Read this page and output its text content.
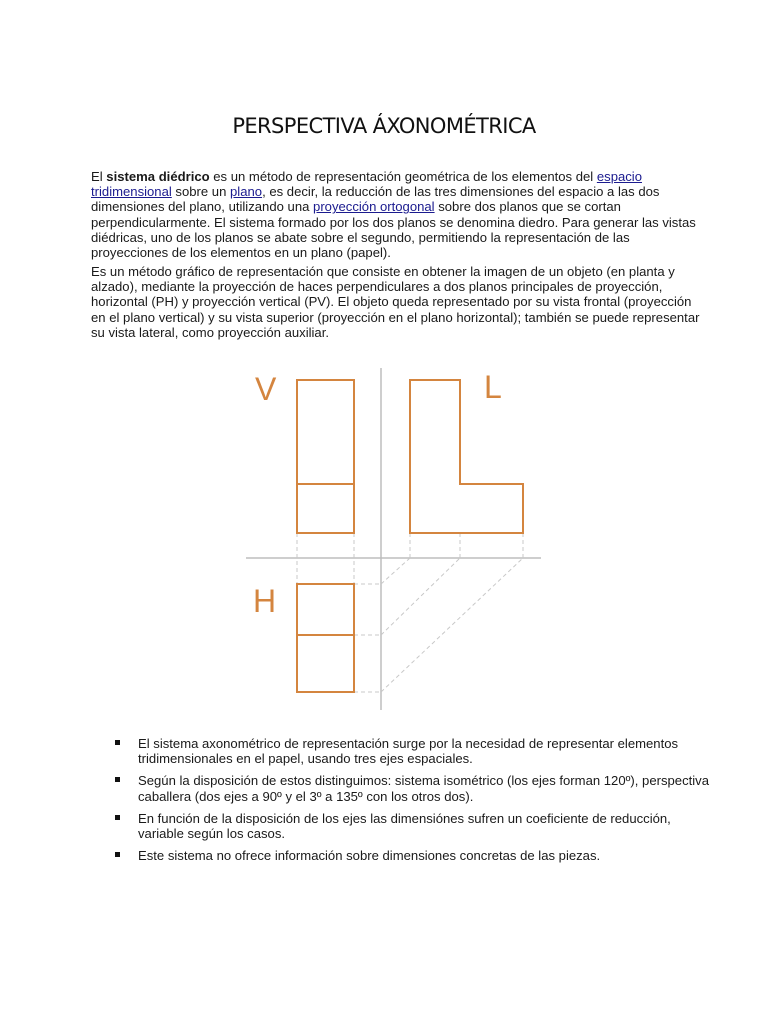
PERSPECTIVA ÁXONOMÉTRICA

El sistema diédrico es un método de representación geométrica de los elementos del espacio tridimensional sobre un plano, es decir, la reducción de las tres dimensiones del espacio a las dos dimensiones del plano, utilizando una proyección ortogonal sobre dos planos que se cortan perpendicularmente. El sistema formado por los dos planos se denomina diedro. Para generar las vistas diédricas, uno de los planos se abate sobre el segundo, permitiendo la representación de las proyecciones de los elementos en un plano (papel).

Es un método gráfico de representación que consiste en obtener la imagen de un objeto (en planta y alzado), mediante la proyección de haces perpendiculares a dos planos principales de proyección, horizontal (PH) y proyección vertical (PV). El objeto queda representado por su vista frontal (proyección en el plano vertical) y su vista superior (proyección en el plano horizontal); también se puede representar su vista lateral, como proyección auxiliar.

V	L
H
El sistema axonométrico de representación surge por la necesidad de representar elementos tridimensionales en el papel, usando tres ejes espaciales.
Según la disposición de estos distinguimos: sistema isométrico (los ejes forman 120º), perspectiva caballera (dos ejes a 90º y el 3º a 135º con los otros dos).
En función de la disposición de los ejes las dimensiónes sufren un coeficiente de reducción, variable según los casos.
Este sistema no ofrece información sobre dimensiones concretas de las piezas.
